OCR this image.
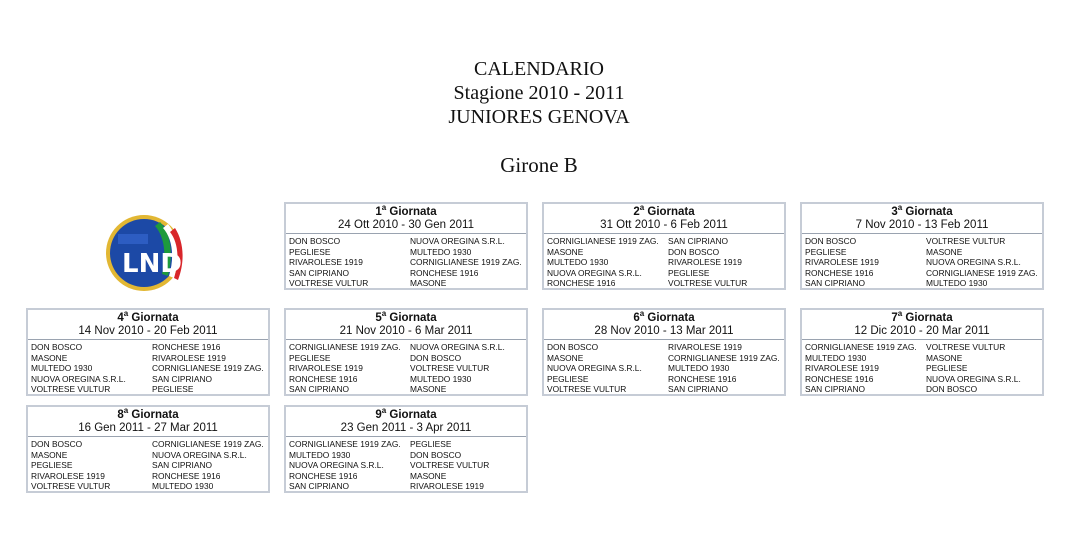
CALENDARIO
Stagione 2010 - 2011
JUNIORES GENOVA
Girone B
LND
1$^a$ Giornata
24 Ott 2010 - 30 Gen 2011
DON BOSCO	NUOVA OREGINA S.R.L.
PEGLIESE	MULTEDO 1930
RIVAROLESE 1919	CORNIGLIANESE 1919 ZAG.
SAN CIPRIANO	RONCHESE 1916
VOLTRESE VULTUR	MASONE
2$^a$ Giornata
31 Ott 2010 - 6 Feb 2011
CORNIGLIANESE 1919 ZAG.	SAN CIPRIANO
MASONE	DON BOSCO
MULTEDO 1930	RIVAROLESE 1919
NUOVA OREGINA S.R.L.	PEGLIESE
RONCHESE 1916	VOLTRESE VULTUR
3$^a$ Giornata
7 Nov 2010 - 13 Feb 2011
DON BOSCO	VOLTRESE VULTUR
PEGLIESE	MASONE
RIVAROLESE 1919	NUOVA OREGINA S.R.L.
RONCHESE 1916	CORNIGLIANESE 1919 ZAG.
SAN CIPRIANO	MULTEDO 1930
4$^a$ Giornata
14 Nov 2010 - 20 Feb 2011
DON BOSCO	RONCHESE 1916
MASONE	RIVAROLESE 1919
MULTEDO 1930	CORNIGLIANESE 1919 ZAG.
NUOVA OREGINA S.R.L.	SAN CIPRIANO
VOLTRESE VULTUR	PEGLIESE
5$^a$ Giornata
21 Nov 2010 - 6 Mar 2011
CORNIGLIANESE 1919 ZAG.	NUOVA OREGINA S.R.L.
PEGLIESE	DON BOSCO
RIVAROLESE 1919	VOLTRESE VULTUR
RONCHESE 1916	MULTEDO 1930
SAN CIPRIANO	MASONE
6$^a$ Giornata
28 Nov 2010 - 13 Mar 2011
DON BOSCO	RIVAROLESE 1919
MASONE	CORNIGLIANESE 1919 ZAG.
NUOVA OREGINA S.R.L.	MULTEDO 1930
PEGLIESE	RONCHESE 1916
VOLTRESE VULTUR	SAN CIPRIANO
7$^a$ Giornata
12 Dic 2010 - 20 Mar 2011
CORNIGLIANESE 1919 ZAG.	VOLTRESE VULTUR
MULTEDO 1930	MASONE
RIVAROLESE 1919	PEGLIESE
RONCHESE 1916	NUOVA OREGINA S.R.L.
SAN CIPRIANO	DON BOSCO
8$^a$ Giornata
16 Gen 2011 - 27 Mar 2011
DON BOSCO	CORNIGLIANESE 1919 ZAG.
MASONE	NUOVA OREGINA S.R.L.
PEGLIESE	SAN CIPRIANO
RIVAROLESE 1919	RONCHESE 1916
VOLTRESE VULTUR	MULTEDO 1930
9$^a$ Giornata
23 Gen 2011 - 3 Apr 2011
CORNIGLIANESE 1919 ZAG.	PEGLIESE
MULTEDO 1930	DON BOSCO
NUOVA OREGINA S.R.L.	VOLTRESE VULTUR
RONCHESE 1916	MASONE
SAN CIPRIANO	RIVAROLESE 1919
